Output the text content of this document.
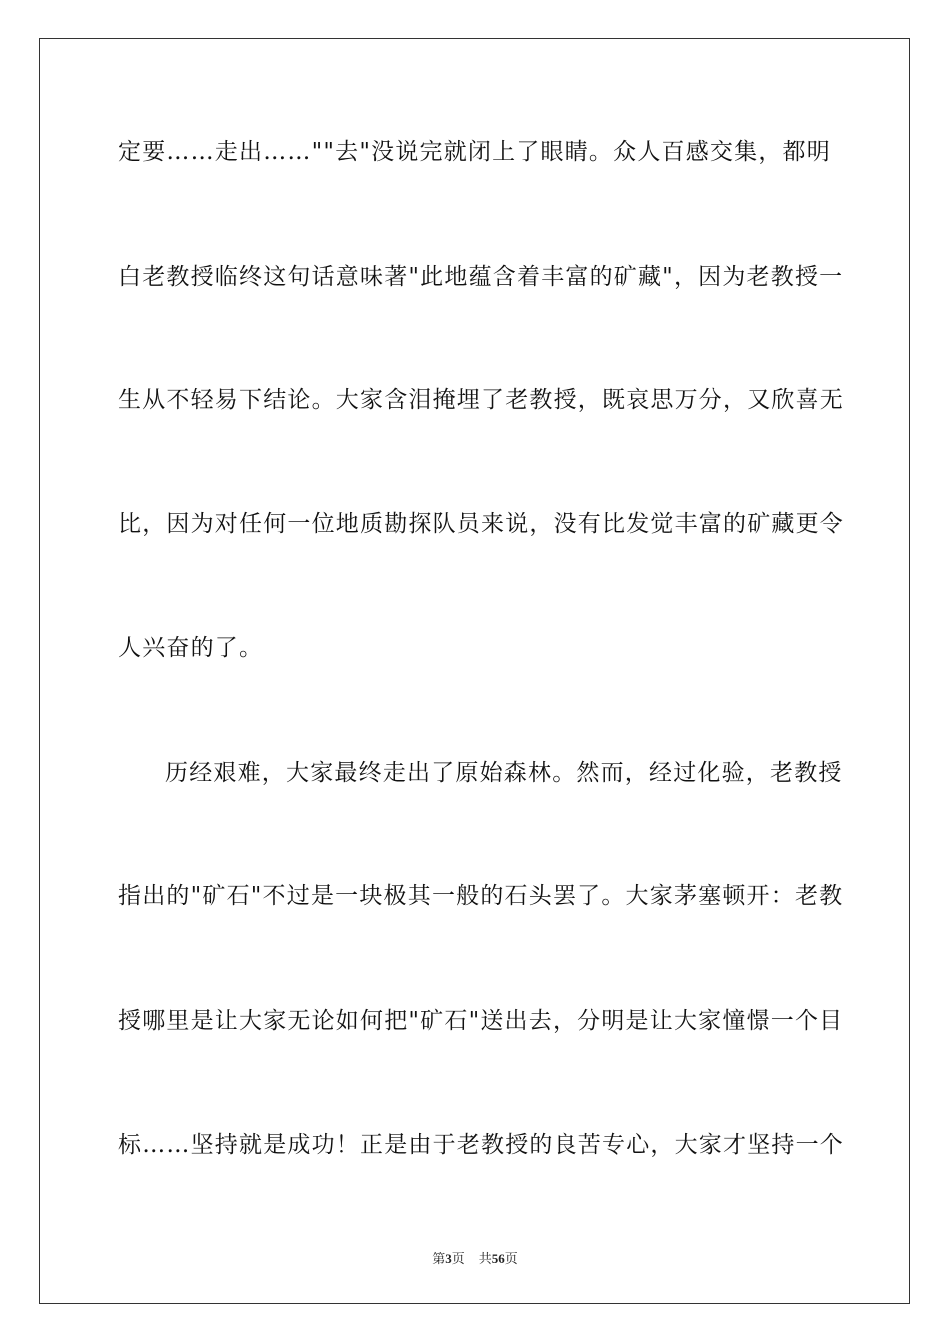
定要……走出……""去"没说完就闭上了眼睛。众人百感交集，都明
白老教授临终这句话意味著"此地蕴含着丰富的矿藏"，因为老教授一
生从不轻易下结论。大家含泪掩埋了老教授，既哀思万分，又欣喜无
比，因为对任何一位地质勘探队员来说，没有比发觉丰富的矿藏更令
人兴奋的了。
历经艰难，大家最终走出了原始森林。然而，经过化验，老教授
指出的"矿石"不过是一块极其一般的石头罢了。大家茅塞顿开：老教
授哪里是让大家无论如何把"矿石"送出去，分明是让大家憧憬一个目
标……坚持就是成功！正是由于老教授的良苦专心，大家才坚持一个
第3页 共56页
